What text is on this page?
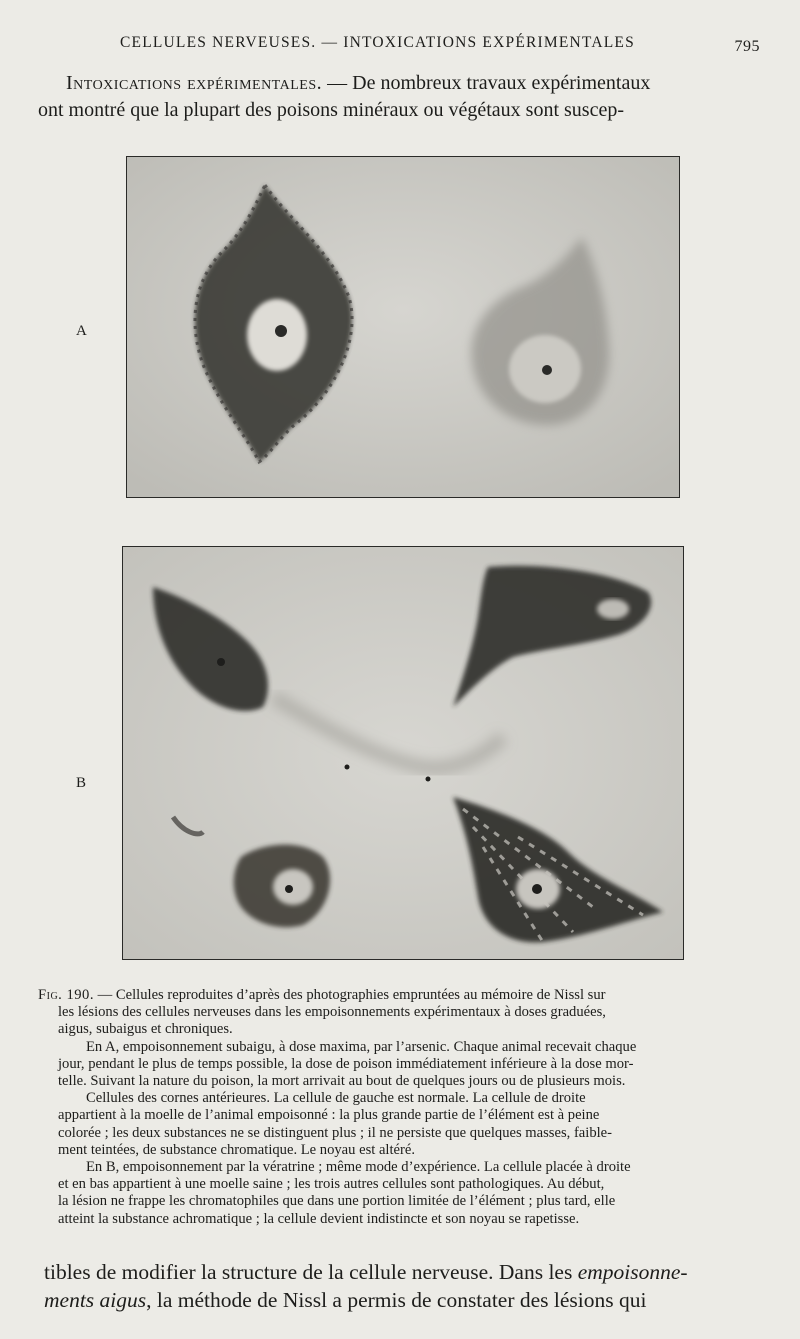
CELLULES NERVEUSES. — INTOXICATIONS EXPÉRIMENTALES	795
Intoxications expérimentales. — De nombreux travaux expérimentaux
ont montré que la plupart des poisons minéraux ou végétaux sont suscep-
A
B

Fig. 190. — Cellules reproduites d’après des photographies empruntées au mémoire de Nissl sur
les lésions des cellules nerveuses dans les empoisonnements expérimentaux à doses graduées,
aigus, subaigus et chroniques.

En A, empoisonnement subaigu, à dose maxima, par l’arsenic. Chaque animal recevait chaque
jour, pendant le plus de temps possible, la dose de poison immédiatement inférieure à la dose mor-
telle. Suivant la nature du poison, la mort arrivait au bout de quelques jours ou de plusieurs mois.

Cellules des cornes antérieures. La cellule de gauche est normale. La cellule de droite
appartient à la moelle de l’animal empoisonné : la plus grande partie de l’élément est à peine
colorée ; les deux substances ne se distinguent plus ; il ne persiste que quelques masses, faible-
ment teintées, de substance chromatique. Le noyau est altéré.

En B, empoisonnement par la vératrine ; même mode d’expérience. La cellule placée à droite
et en bas appartient à une moelle saine ; les trois autres cellules sont pathologiques. Au début,
la lésion ne frappe les chromatophiles que dans une portion limitée de l’élément ; plus tard, elle
atteint la substance achromatique ; la cellule devient indistincte et son noyau se rapetisse.

tibles de modifier la structure de la cellule nerveuse. Dans les empoisonne-
ments aigus, la méthode de Nissl a permis de constater des lésions qui
